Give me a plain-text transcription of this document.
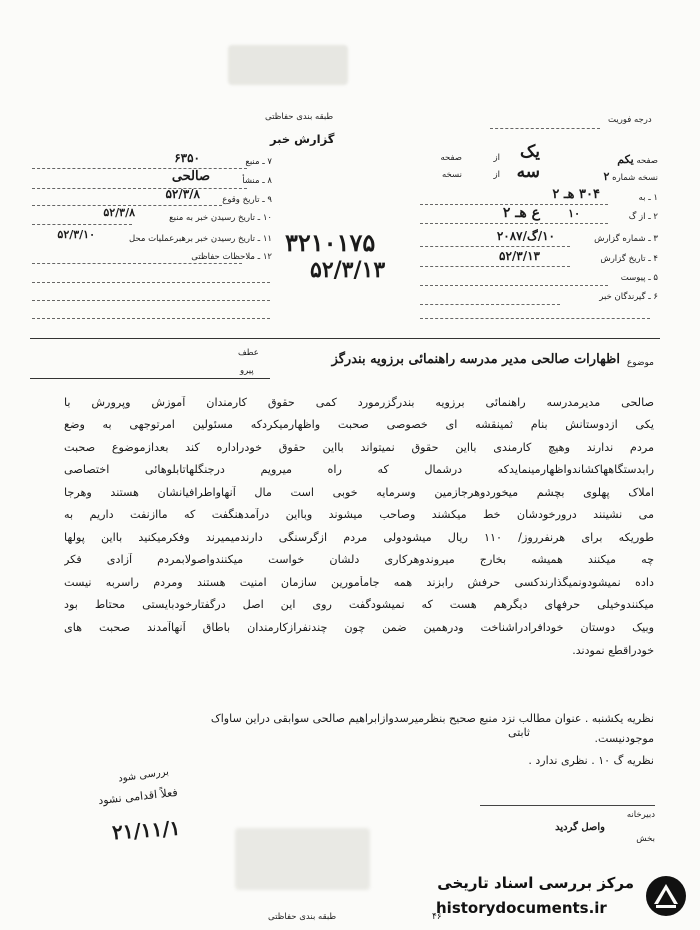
طبقه بندی حفاظتی
گزارش خبر
درجه فوریت
صفحه یکم
از یک
صفحه
نسخه شماره ۲
از سه
نسخه
۱ ـ به
۳۰۴ هـ ۲
۲ ـ از گ
۱۰
ع هـ ۲
۳ ـ شماره گزارش
۱۰/گ/۲۰۸۷
۴ ـ تاریخ گزارش
۵۲/۳/۱۳
۵ ـ پیوست
۶ ـ گیرندگان خبر
۷ ـ منبع
۶۳۵۰
۸ ـ منشأ
صالحی
۹ ـ تاریخ وقوع
۵۲/۳/۸
۱۰ ـ تاریخ رسیدن خبر به منبع
۵۲/۳/۸
۱۱ ـ تاریخ رسیدن خبر برهبرعملیات محل
۵۲/۳/۱۰
۱۲ ـ ملاحظات حفاظتی ۳۲۱۰۱۷۵
۵۲/۳/۱۳
موضوع
اظهارات صالحی مدیر مدرسه راهنمائی برزویه بندرگز
عطف
پیرو
صالحی مدیرمدرسه راهنمائی برزویه بندرگزرمورد کمی حقوق کارمندان آموزش وپرورش با
یکی ازدوستانش بنام ثمینقشه ای خصوصی صحبت واظهارمیکردکه مسئولین امرتوجهی به وضع
مردم ندارند وهیچ کارمندی بااین حقوق نمیتواند بااین حقوق خودراداره کند بعدازموضوع صحبت
رابدستگاههاکشاندواظهارمینمایدکه درشمال که راه میرویم درجنگلهاتابلوهائی اختصاصی
املاک پهلوی بچشم میخوردوهرجازمین وسرمایه خوبی است مال آنهاواطرافیانشان هستند وهرجا
می نشینند درورخودشان خط میکشند وصاحب میشوند وبااین درآمدهنگفت که ماازنفت داریم به
طوریکه برای هرنفرروز/ ۱۱۰ ریال میشودولی مردم ازگرسنگی دارندمیمیرند وفکرمیکنید بااین پولها
چه میکنند همیشه بخارج میروندوهرکاری دلشان خواست میکنندواصولابمردم آزادی فکر
داده نمیشودونمیگذارندکسی حرفش رابزند همه جامأمورین سازمان امنیت هستند ومردم راسربه نیست
میکنندوخیلی حرفهای دیگرهم هست که نمیشودگفت روی این اصل درگفتارخودبایستی محتاط بود
وبیک دوستان خودافرادراشناخت ودرهمین ضمن چون چندنفرازکارمندان باطاق آنهاآمدند صحبت های
خودراقطع نمودند.
نظریه یکشنبه . عنوان مطالب نزد منبع صحیح بنظرمیرسدوازابراهیم صالحی سوابقی دراین ساواک
موجودنیست.
ثابتی
نظریه گ ۱۰ . نظری ندارد .
بررسی شود
فعلاً اقدامی نشود
۲۱/۱۱/۱
دبیرخانه
واصل گردید
بخش
طبقه بندی حفاظتی
مرکز بررسی اسناد تاریخی
historydocuments.ir
۴۶
